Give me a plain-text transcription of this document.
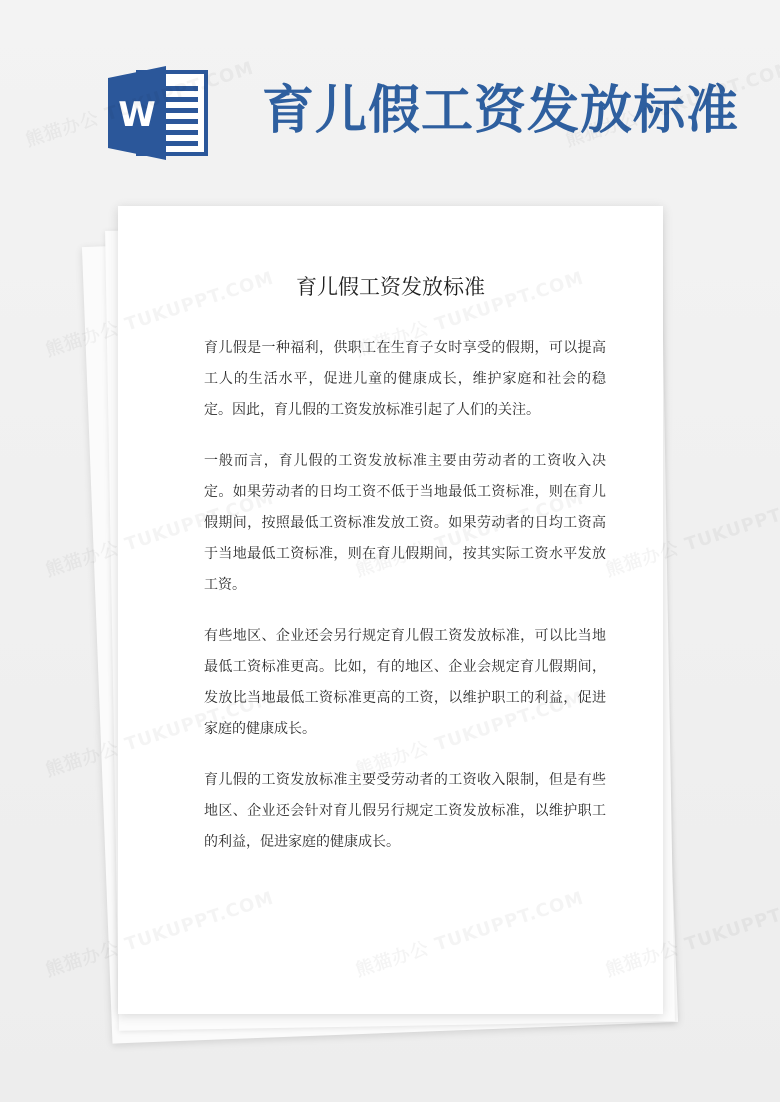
W 育儿假工资发放标准
育儿假工资发放标准

育儿假是一种福利，供职工在生育子女时享受的假期，可以提高工人的生活水平，促进儿童的健康成长，维护家庭和社会的稳定。因此，育儿假的工资发放标准引起了人们的关注。

一般而言，育儿假的工资发放标准主要由劳动者的工资收入决定。如果劳动者的日均工资不低于当地最低工资标准，则在育儿假期间，按照最低工资标准发放工资。如果劳动者的日均工资高于当地最低工资标准，则在育儿假期间，按其实际工资水平发放工资。

有些地区、企业还会另行规定育儿假工资发放标准，可以比当地最低工资标准更高。比如，有的地区、企业会规定育儿假期间，发放比当地最低工资标准更高的工资，以维护职工的利益，促进家庭的健康成长。

育儿假的工资发放标准主要受劳动者的工资收入限制，但是有些地区、企业还会针对育儿假另行规定工资发放标准，以维护职工的利益，促进家庭的健康成长。
